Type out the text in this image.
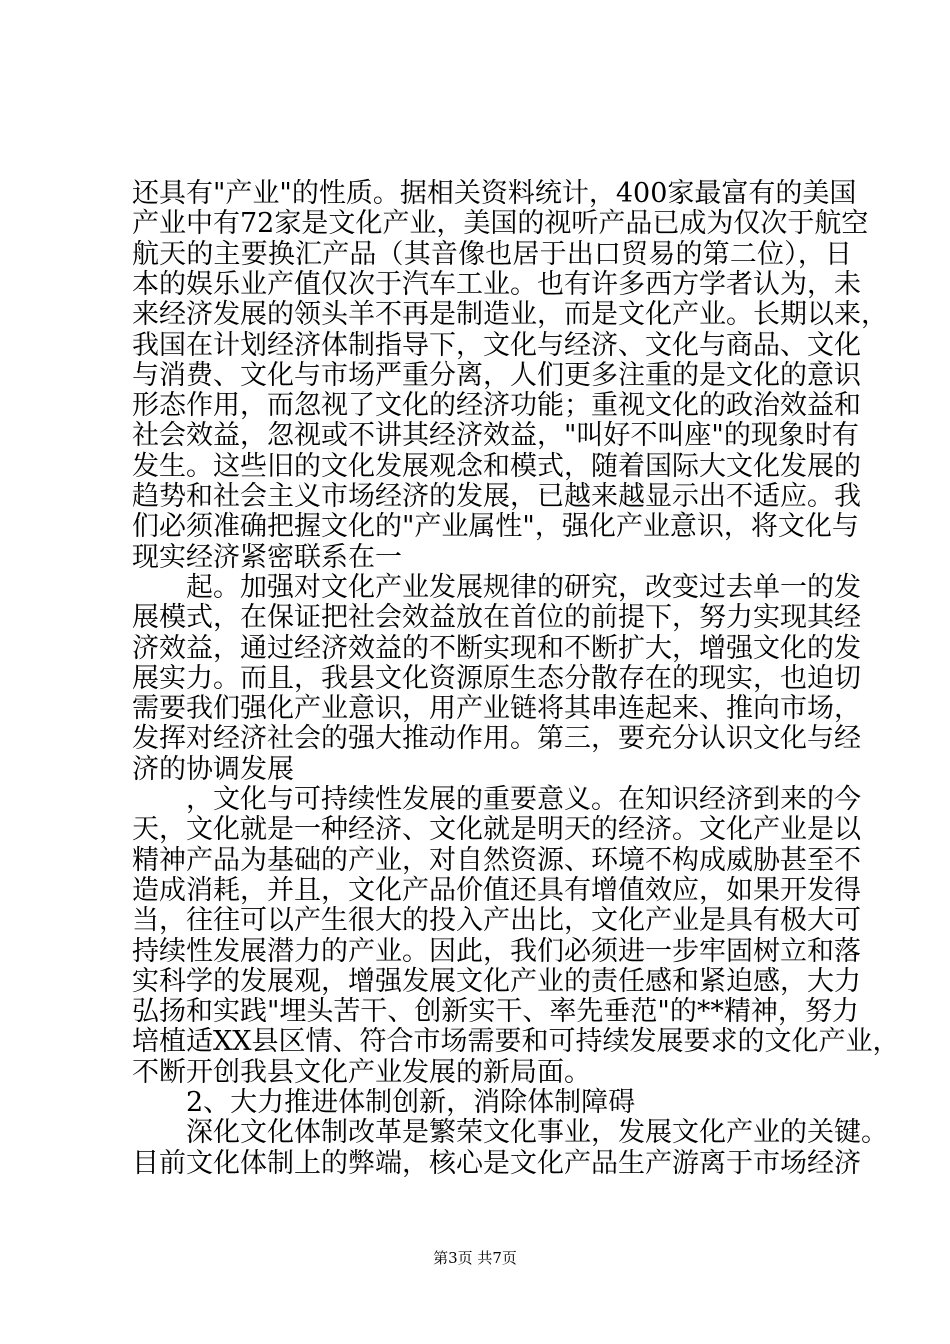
还具有"产业"的性质。据相关资料统计，400家最富有的美国
产业中有72家是文化产业，美国的视听产品已成为仅次于航空
航天的主要换汇产品（其音像也居于出口贸易的第二位），日
本的娱乐业产值仅次于汽车工业。也有许多西方学者认为，未
来经济发展的领头羊不再是制造业，而是文化产业。长期以来，
我国在计划经济体制指导下，文化与经济、文化与商品、文化
与消费、文化与市场严重分离，人们更多注重的是文化的意识
形态作用，而忽视了文化的经济功能；重视文化的政治效益和
社会效益，忽视或不讲其经济效益，"叫好不叫座"的现象时有
发生。这些旧的文化发展观念和模式，随着国际大文化发展的
趋势和社会主义市场经济的发展，已越来越显示出不适应。我
们必须准确把握文化的"产业属性"，强化产业意识，将文化与
现实经济紧密联系在一
起。加强对文化产业发展规律的研究，改变过去单一的发
展模式，在保证把社会效益放在首位的前提下，努力实现其经
济效益，通过经济效益的不断实现和不断扩大，增强文化的发
展实力。而且，我县文化资源原生态分散存在的现实，也迫切
需要我们强化产业意识，用产业链将其串连起来、推向市场，
发挥对经济社会的强大推动作用。第三，要充分认识文化与经
济的协调发展
，文化与可持续性发展的重要意义。在知识经济到来的今
天，文化就是一种经济、文化就是明天的经济。文化产业是以
精神产品为基础的产业，对自然资源、环境不构成威胁甚至不
造成消耗，并且，文化产品价值还具有增值效应，如果开发得
当，往往可以产生很大的投入产出比，文化产业是具有极大可
持续性发展潜力的产业。因此，我们必须进一步牢固树立和落
实科学的发展观，增强发展文化产业的责任感和紧迫感，大力
弘扬和实践"埋头苦干、创新实干、率先垂范"的**精神，努力
培植适XX县区情、符合市场需要和可持续发展要求的文化产业，
不断开创我县文化产业发展的新局面。
2、大力推进体制创新，消除体制障碍
深化文化体制改革是繁荣文化事业，发展文化产业的关键。
目前文化体制上的弊端，核心是文化产品生产游离于市场经济
第3页 共7页
